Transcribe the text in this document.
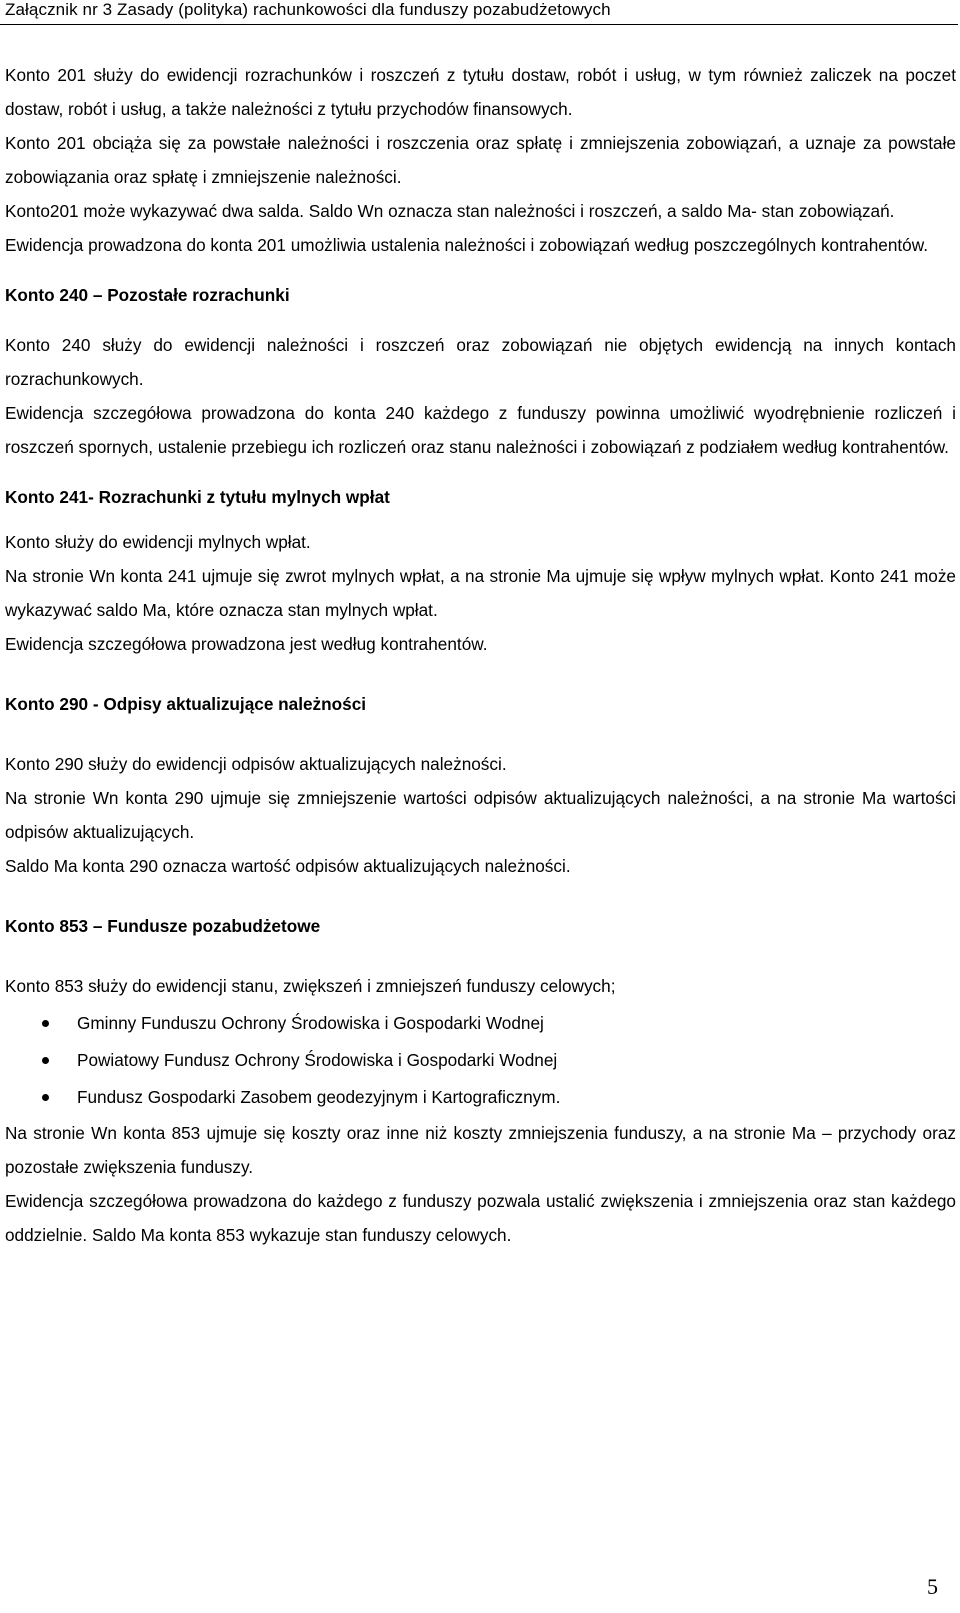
Załącznik nr 3 Zasady (polityka) rachunkowości dla funduszy pozabudżetowych

Konto 201 służy do ewidencji rozrachunków i roszczeń z tytułu dostaw, robót i usług, w tym również zaliczek na poczet dostaw, robót i usług, a także należności z tytułu przychodów finansowych.

Konto 201 obciąża się za powstałe należności i roszczenia oraz spłatę i zmniejszenia zobowiązań, a uznaje za powstałe zobowiązania oraz spłatę i zmniejszenie należności.

Konto201 może wykazywać dwa salda. Saldo Wn oznacza stan należności i roszczeń, a saldo Ma- stan zobowiązań.

Ewidencja prowadzona do konta 201 umożliwia ustalenia należności i zobowiązań według poszczególnych kontrahentów.

Konto 240 – Pozostałe rozrachunki

Konto 240 służy do ewidencji należności i roszczeń oraz zobowiązań nie objętych ewidencją na innych kontach rozrachunkowych.

Ewidencja szczegółowa prowadzona do konta 240 każdego z funduszy powinna umożliwić wyodrębnienie rozliczeń i roszczeń spornych, ustalenie przebiegu ich rozliczeń oraz stanu należności i zobowiązań z podziałem według kontrahentów.

Konto 241- Rozrachunki z tytułu mylnych wpłat

Konto służy do ewidencji mylnych wpłat.

Na stronie Wn konta 241 ujmuje się zwrot mylnych wpłat, a na stronie Ma ujmuje się wpływ mylnych wpłat. Konto 241 może wykazywać saldo Ma, które oznacza stan mylnych wpłat.

Ewidencja szczegółowa prowadzona jest według kontrahentów.

Konto 290 - Odpisy aktualizujące należności

Konto 290 służy do ewidencji odpisów aktualizujących należności.

Na stronie Wn konta 290 ujmuje się zmniejszenie wartości odpisów aktualizujących należności, a na stronie Ma wartości odpisów aktualizujących.

Saldo Ma konta 290 oznacza wartość odpisów aktualizujących należności.

Konto 853 – Fundusze pozabudżetowe

Konto 853 służy do ewidencji stanu, zwiększeń i zmniejszeń funduszy celowych;

Gminny Funduszu Ochrony Środowiska i Gospodarki Wodnej
Powiatowy Fundusz Ochrony Środowiska i Gospodarki Wodnej
Fundusz Gospodarki Zasobem geodezyjnym i Kartograficznym.

Na stronie Wn konta 853 ujmuje się koszty oraz inne niż koszty zmniejszenia funduszy, a na stronie Ma – przychody oraz pozostałe zwiększenia funduszy.

Ewidencja szczegółowa prowadzona do każdego z funduszy pozwala ustalić zwiększenia i zmniejszenia oraz stan każdego oddzielnie. Saldo Ma konta 853 wykazuje stan funduszy celowych.

5
